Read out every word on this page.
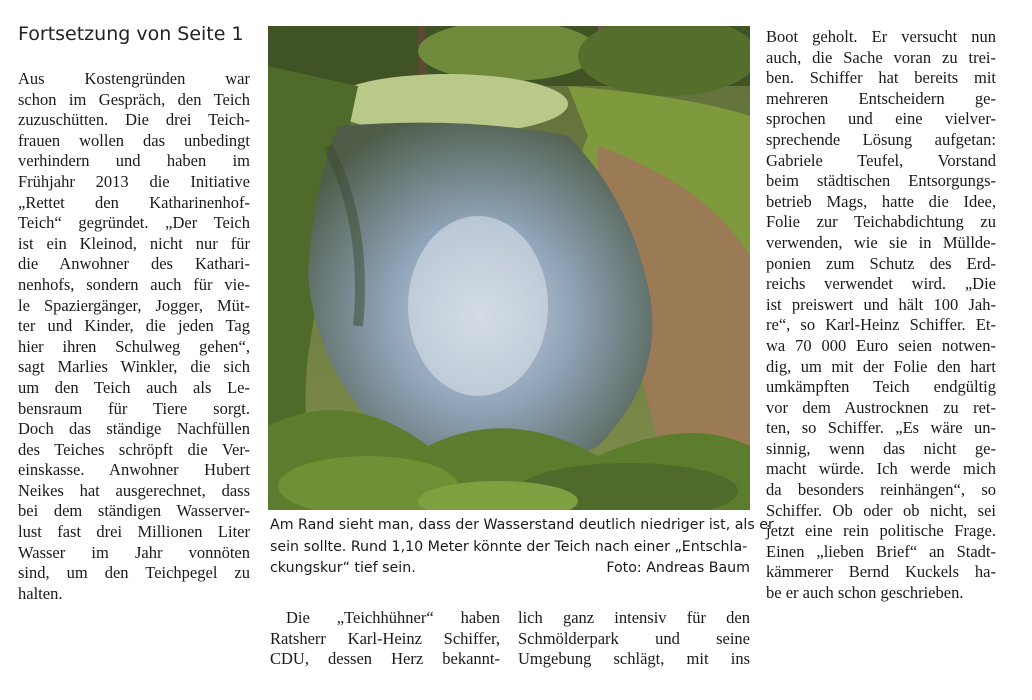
Fortsetzung von Seite 1
Aus Kostengründen war
schon im Gespräch, den Teich
zuzuschütten. Die drei Teich-
frauen wollen das unbedingt
verhindern und haben im
Frühjahr 2013 die Initiative
„Rettet den Katharinenhof-
Teich“ gegründet. „Der Teich
ist ein Kleinod, nicht nur für
die Anwohner des Kathari-
nenhofs, sondern auch für vie-
le Spaziergänger, Jogger, Müt-
ter und Kinder, die jeden Tag
hier ihren Schulweg gehen“,
sagt Marlies Winkler, die sich
um den Teich auch als Le-
bensraum für Tiere sorgt.
Doch das ständige Nachfüllen
des Teiches schröpft die Ver-
einskasse. Anwohner Hubert
Neikes hat ausgerechnet, dass
bei dem ständigen Wasserver-
lust fast drei Millionen Liter
Wasser im Jahr vonnöten
sind, um den Teichpegel zu
halten.
Am Rand sieht man, dass der Wasserstand deutlich niedriger ist, als er
sein sollte. Rund 1,10 Meter könnte der Teich nach einer „Entschla-
ckungskur“ tief sein.	Foto: Andreas Baum
Die „Teichhühner“ haben
Ratsherr Karl-Heinz Schiffer,
CDU, dessen Herz bekannt-
lich ganz intensiv für den
Schmölderpark und seine
Umgebung schlägt, mit ins
Boot geholt. Er versucht nun
auch, die Sache voran zu trei-
ben. Schiffer hat bereits mit
mehreren Entscheidern ge-
sprochen und eine vielver-
sprechende Lösung aufgetan:
Gabriele Teufel, Vorstand
beim städtischen Entsorgungs-
betrieb Mags, hatte die Idee,
Folie zur Teichabdichtung zu
verwenden, wie sie in Mülldе-
ponien zum Schutz des Erd-
reichs verwendet wird. „Die
ist preiswert und hält 100 Jah-
re“, so Karl-Heinz Schiffer. Et-
wa 70 000 Euro seien notwen-
dig, um mit der Folie den hart
umkämpften Teich endgültig
vor dem Austrocknen zu ret-
ten, so Schiffer. „Es wäre un-
sinnig, wenn das nicht ge-
macht würde. Ich werde mich
da besonders reinhängen“, so
Schiffer. Ob oder ob nicht, sei
jetzt eine rein politische Frage.
Einen „lieben Brief“ an Stadt-
kämmerer Bernd Kuckels ha-
be er auch schon geschrieben.
